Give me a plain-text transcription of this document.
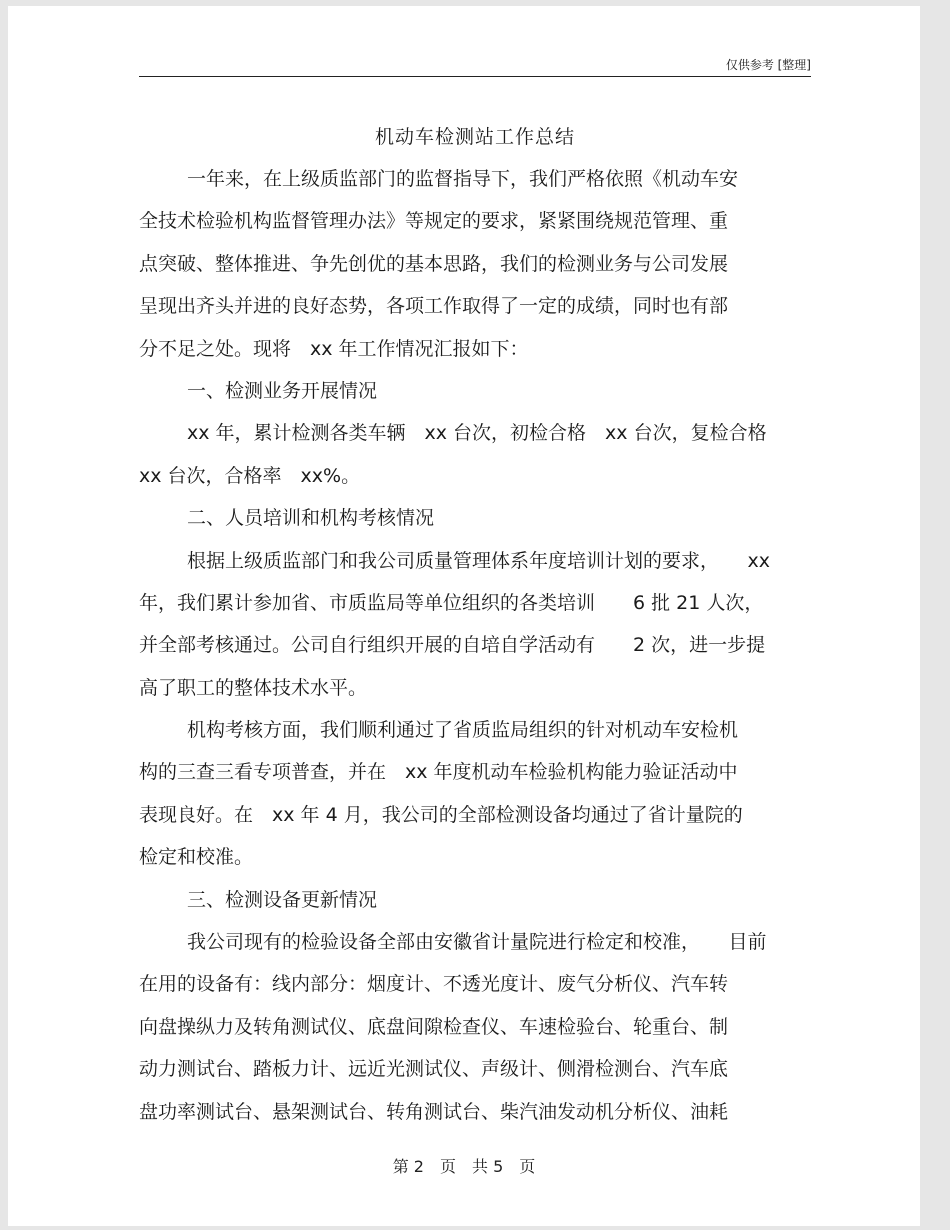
仅供参考 [整理]
机动车检测站工作总结
一年来，在上级质监部门的监督指导下，我们严格依照《机动车安
全技术检验机构监督管理办法》等规定的要求，紧紧围绕规范管理、重
点突破、整体推进、争先创优的基本思路，我们的检测业务与公司发展
呈现出齐头并进的良好态势，各项工作取得了一定的成绩，同时也有部
分不足之处。现将　xx 年工作情况汇报如下：
一、检测业务开展情况
xx 年，累计检测各类车辆　xx 台次，初检合格　xx 台次，复检合格
xx 台次，合格率　xx%。
二、人员培训和机构考核情况
根据上级质监部门和我公司质量管理体系年度培训计划的要求，　　xx
年，我们累计参加省、市质监局等单位组织的各类培训　　6 批 21 人次，
并全部考核通过。公司自行组织开展的自培自学活动有　　2 次，进一步提
高了职工的整体技术水平。
机构考核方面，我们顺利通过了省质监局组织的针对机动车安检机
构的三查三看专项普查，并在　xx 年度机动车检验机构能力验证活动中
表现良好。在　xx 年 4 月，我公司的全部检测设备均通过了省计量院的
检定和校准。
三、检测设备更新情况
我公司现有的检验设备全部由安徽省计量院进行检定和校准，　　目前
在用的设备有：线内部分：烟度计、不透光度计、废气分析仪、汽车转
向盘操纵力及转角测试仪、底盘间隙检查仪、车速检验台、轮重台、制
动力测试台、踏板力计、远近光测试仪、声级计、侧滑检测台、汽车底
盘功率测试台、悬架测试台、转角测试台、柴汽油发动机分析仪、油耗
第 2　页　共 5　页
